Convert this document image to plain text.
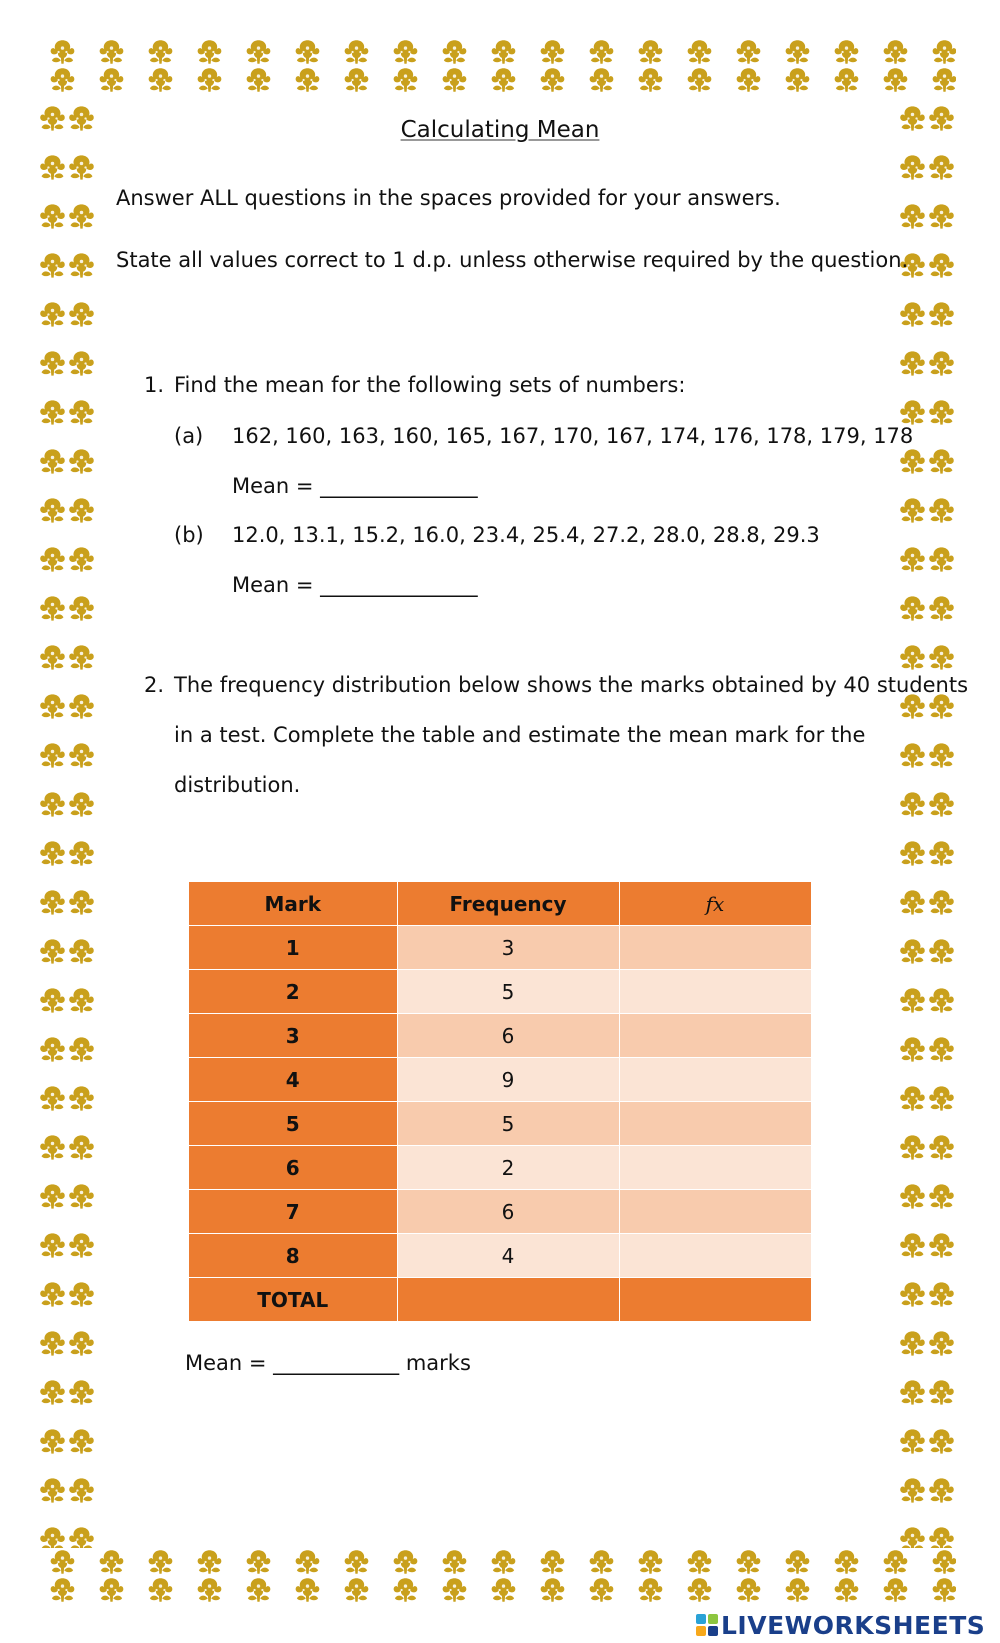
Calculating Mean
Answer ALL questions in the spaces provided for your answers.
State all values correct to 1 d.p. unless otherwise required by the question.
1. Find the mean for the following sets of numbers:
(a) 162, 160, 163, 160, 165, 167, 170, 167, 174, 176, 178, 179, 178
Mean = _______________
(b) 12.0, 13.1, 15.2, 16.0, 23.4, 25.4, 27.2, 28.0, 28.8, 29.3
Mean = _______________
2. The frequency distribution below shows the marks obtained by 40 students
in a test. Complete the table and estimate the mean mark for the
distribution.
Mark	Frequency	𝑓𝑥
1	3	
2	5	
3	6	
4	9	
5	5	
6	2	
7	6	
8	4	
TOTAL		
Mean = ____________ marks
LIVEWORKSHEETS
